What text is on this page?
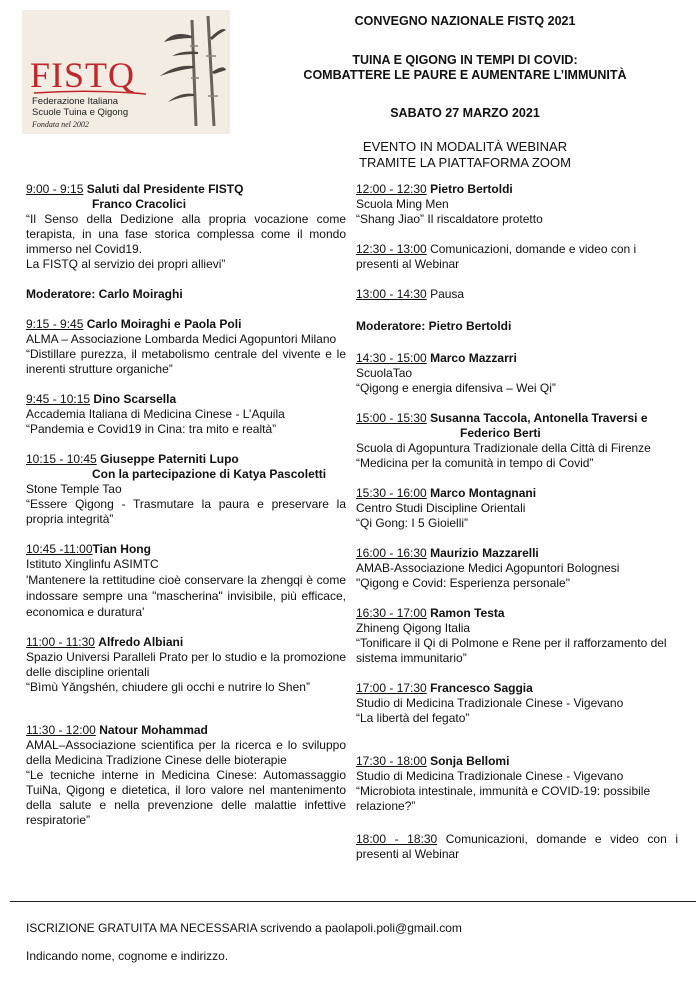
FISTQ
Federazione Italiana
Scuole Tuina e Qigong
Fondata nel 2002
CONVEGNO NAZIONALE FISTQ 2021
TUINA E QIGONG IN TEMPI DI COVID:
COMBATTERE LE PAURE E AUMENTARE L’IMMUNITÀ
SABATO 27 MARZO 2021
EVENTO IN MODALITÀ WEBINAR
TRAMITE LA PIATTAFORMA ZOOM

9:00 - 9:15 Saluti dal Presidente FISTQ

Franco Cracolici

“Il Senso della Dedizione alla propria vocazione come terapista, in una fase storica complessa come il mondo immerso nel Covid19.

La FISTQ al servizio dei propri allievi”

Moderatore: Carlo Moiraghi

9:15 - 9:45 Carlo Moiraghi e Paola Poli

ALMA – Associazione Lombarda Medici Agopuntori Milano

“Distillare purezza, il metabolismo centrale del vivente e le inerenti strutture organiche”

9:45 - 10:15 Dino Scarsella

Accademia Italiana di Medicina Cinese - L’Aquila

“Pandemia e Covid19 in Cina: tra mito e realtà”

10:15 - 10:45 Giuseppe Paterniti Lupo

Con la partecipazione di Katya Pascoletti

Stone Temple Tao

“Essere Qigong - Trasmutare la paura e preservare la propria integrità”

10:45 -11:00Tian Hong

Istituto Xinglinfu ASIMTC

'Mantenere la rettitudine cioè conservare la zhengqi è come indossare sempre una "mascherina" invisibile, più efficace, economica e duratura'

11:00 - 11:30 Alfredo Albiani

Spazio Universi Paralleli Prato per lo studio e la promozione delle discipline orientali

“Bìmù Yǎngshén, chiudere gli occhi e nutrire lo Shen”

11:30 - 12:00 Natour Mohammad

AMAL–Associazione scientifica per la ricerca e lo sviluppo della Medicina Tradizione Cinese delle bioterapie

“Le tecniche interne in Medicina Cinese: Automassaggio TuiNa, Qigong e dietetica, il loro valore nel mantenimento della salute e nella prevenzione delle malattie infettive respiratorie”

12:00 - 12:30 Pietro Bertoldi

Scuola Ming Men

“Shang Jiao” Il riscaldatore protetto

12:30 - 13:00 Comunicazioni, domande e video con i presenti al Webinar

13:00 - 14:30 Pausa

Moderatore: Pietro Bertoldi

14:30 - 15:00 Marco Mazzarri

ScuolaTao

“Qigong e energia difensiva – Wei Qi”

15:00 - 15:30 Susanna Taccola, Antonella Traversi e

Federico Berti

Scuola di Agopuntura Tradizionale della Città di Firenze

“Medicina per la comunità in tempo di Covid”

15:30 - 16:00 Marco Montagnani

Centro Studi Discipline Orientali

“Qi Gong: I 5 Gioielli”

16:00 - 16:30 Maurizio Mazzarelli

AMAB-Associazione Medici Agopuntori Bolognesi

"Qigong e Covid: Esperienza personale"

16:30 - 17:00 Ramon Testa

Zhineng Qigong Italia

“Tonificare il Qi di Polmone e Rene per il rafforzamento del sistema immunitario”

17:00 - 17:30 Francesco Saggia

Studio di Medicina Tradizionale Cinese - Vigevano

“La libertà del fegato”

17:30 - 18:00 Sonja Bellomi

Studio di Medicina Tradizionale Cinese - Vigevano

“Microbiota intestinale, immunità e COVID-19: possibile relazione?”

18:00 - 18:30 Comunicazioni, domande e video con i presenti al Webinar

ISCRIZIONE GRATUITA MA NECESSARIA scrivendo a paolapoli.poli@gmail.com
Indicando nome, cognome e indirizzo.
